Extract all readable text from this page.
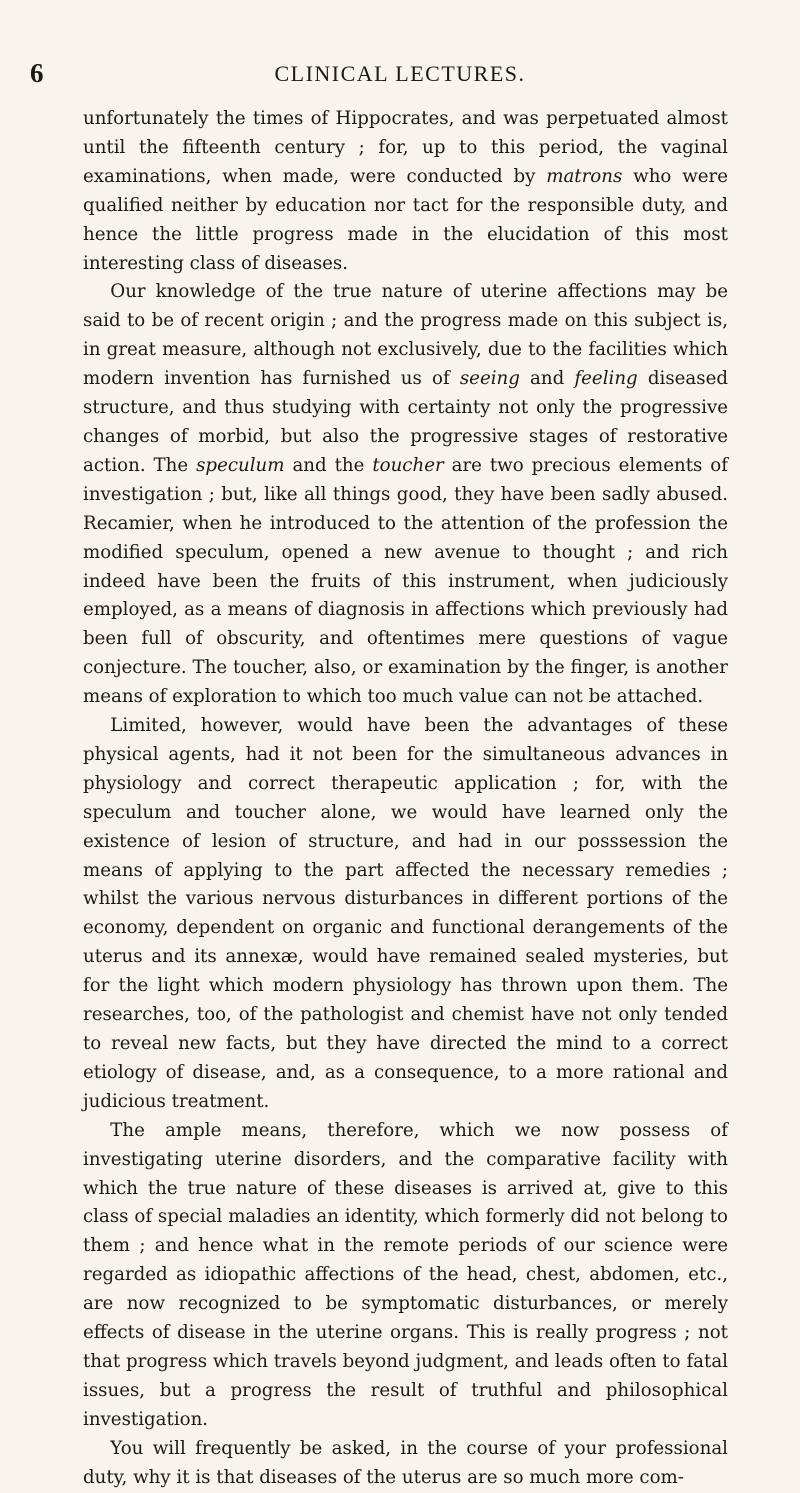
6	CLINICAL LECTURES.

unfortunately the times of Hippocrates, and was perpetuated almost until the fifteenth century ; for, up to this period, the vaginal examinations, when made, were conducted by matrons who were qualified neither by education nor tact for the responsible duty, and hence the little progress made in the elucidation of this most interesting class of diseases.

Our knowledge of the true nature of uterine affections may be said to be of recent origin ; and the progress made on this subject is, in great measure, although not exclusively, due to the facilities which modern invention has furnished us of seeing and feeling diseased structure, and thus studying with certainty not only the progressive changes of morbid, but also the progressive stages of restorative action. The speculum and the toucher are two precious elements of investigation ; but, like all things good, they have been sadly abused. Recamier, when he introduced to the attention of the profession the modified speculum, opened a new avenue to thought ; and rich indeed have been the fruits of this instrument, when judiciously employed, as a means of diagnosis in affections which previously had been full of obscurity, and oftentimes mere questions of vague conjecture. The toucher, also, or examination by the finger, is another means of exploration to which too much value can not be attached.

Limited, however, would have been the advantages of these physical agents, had it not been for the simultaneous advances in physiology and correct therapeutic application ; for, with the speculum and toucher alone, we would have learned only the existence of lesion of structure, and had in our posssession the means of applying to the part affected the necessary remedies ; whilst the various nervous disturbances in different portions of the economy, dependent on organic and functional derangements of the uterus and its annexæ, would have remained sealed mysteries, but for the light which modern physiology has thrown upon them. The researches, too, of the pathologist and chemist have not only tended to reveal new facts, but they have directed the mind to a correct etiology of disease, and, as a consequence, to a more rational and judicious treatment.

The ample means, therefore, which we now possess of investigating uterine disorders, and the comparative facility with which the true nature of these diseases is arrived at, give to this class of special maladies an identity, which formerly did not belong to them ; and hence what in the remote periods of our science were regarded as idiopathic affections of the head, chest, abdomen, etc., are now recognized to be symptomatic disturbances, or merely effects of disease in the uterine organs. This is really progress ; not that progress which travels beyond judgment, and leads often to fatal issues, but a progress the result of truthful and philosophical investigation.

You will frequently be asked, in the course of your professional duty, why it is that diseases of the uterus are so much more com-
